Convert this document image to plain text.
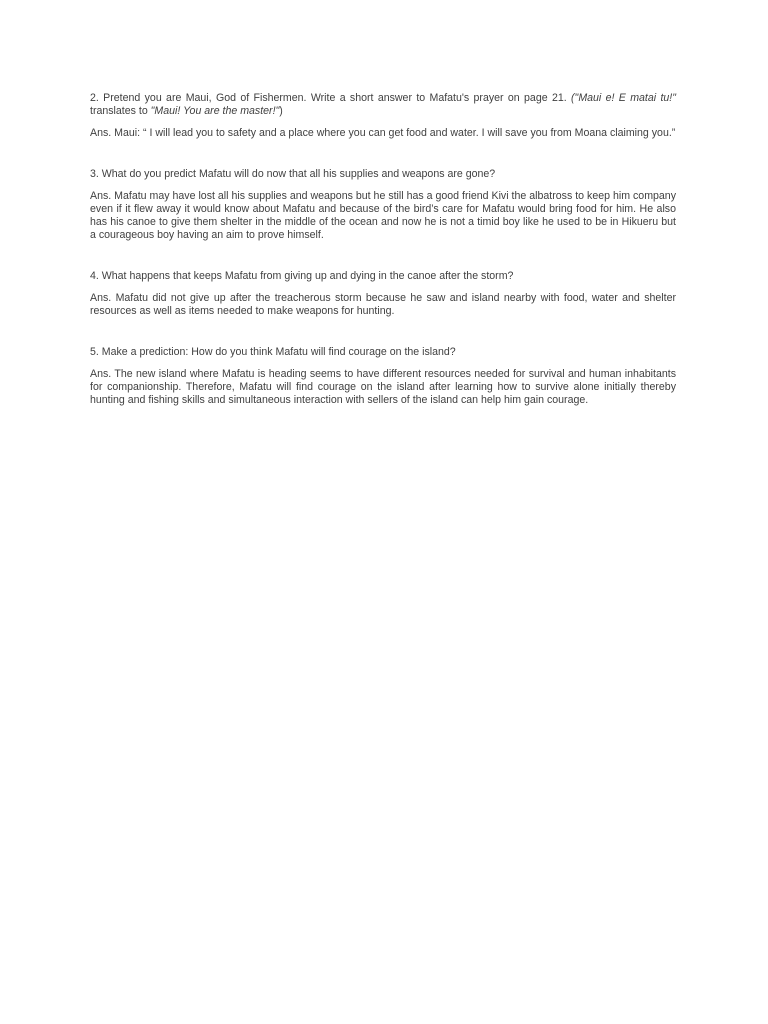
2. Pretend you are Maui, God of Fishermen. Write a short answer to Mafatu's prayer on page 21. ("Maui e! E matai tu!" translates to "Maui! You are the master!")

Ans. Maui: “ I will lead you to safety and a place where you can get food and water. I will save you from Moana claiming you.”

3. What do you predict Mafatu will do now that all his supplies and weapons are gone?

Ans. Mafatu may have lost all his supplies and weapons but he still has a good friend Kivi the albatross to keep him company even if it flew away it would know about Mafatu and because of the bird’s care for Mafatu would bring food for him. He also has his canoe to give them shelter in the middle of the ocean and now he is not a timid boy like he used to be in Hikueru but a courageous boy having an aim to prove himself.

4. What happens that keeps Mafatu from giving up and dying in the canoe after the storm?

Ans. Mafatu did not give up after the treacherous storm because he saw and island nearby with food, water and shelter resources as well as items needed to make weapons for hunting.

5. Make a prediction: How do you think Mafatu will find courage on the island?

Ans. The new island where Mafatu is heading seems to have different resources needed for survival and human inhabitants for companionship. Therefore, Mafatu will find courage on the island after learning how to survive alone initially thereby hunting and fishing skills and simultaneous interaction with sellers of the island can help him gain courage.
